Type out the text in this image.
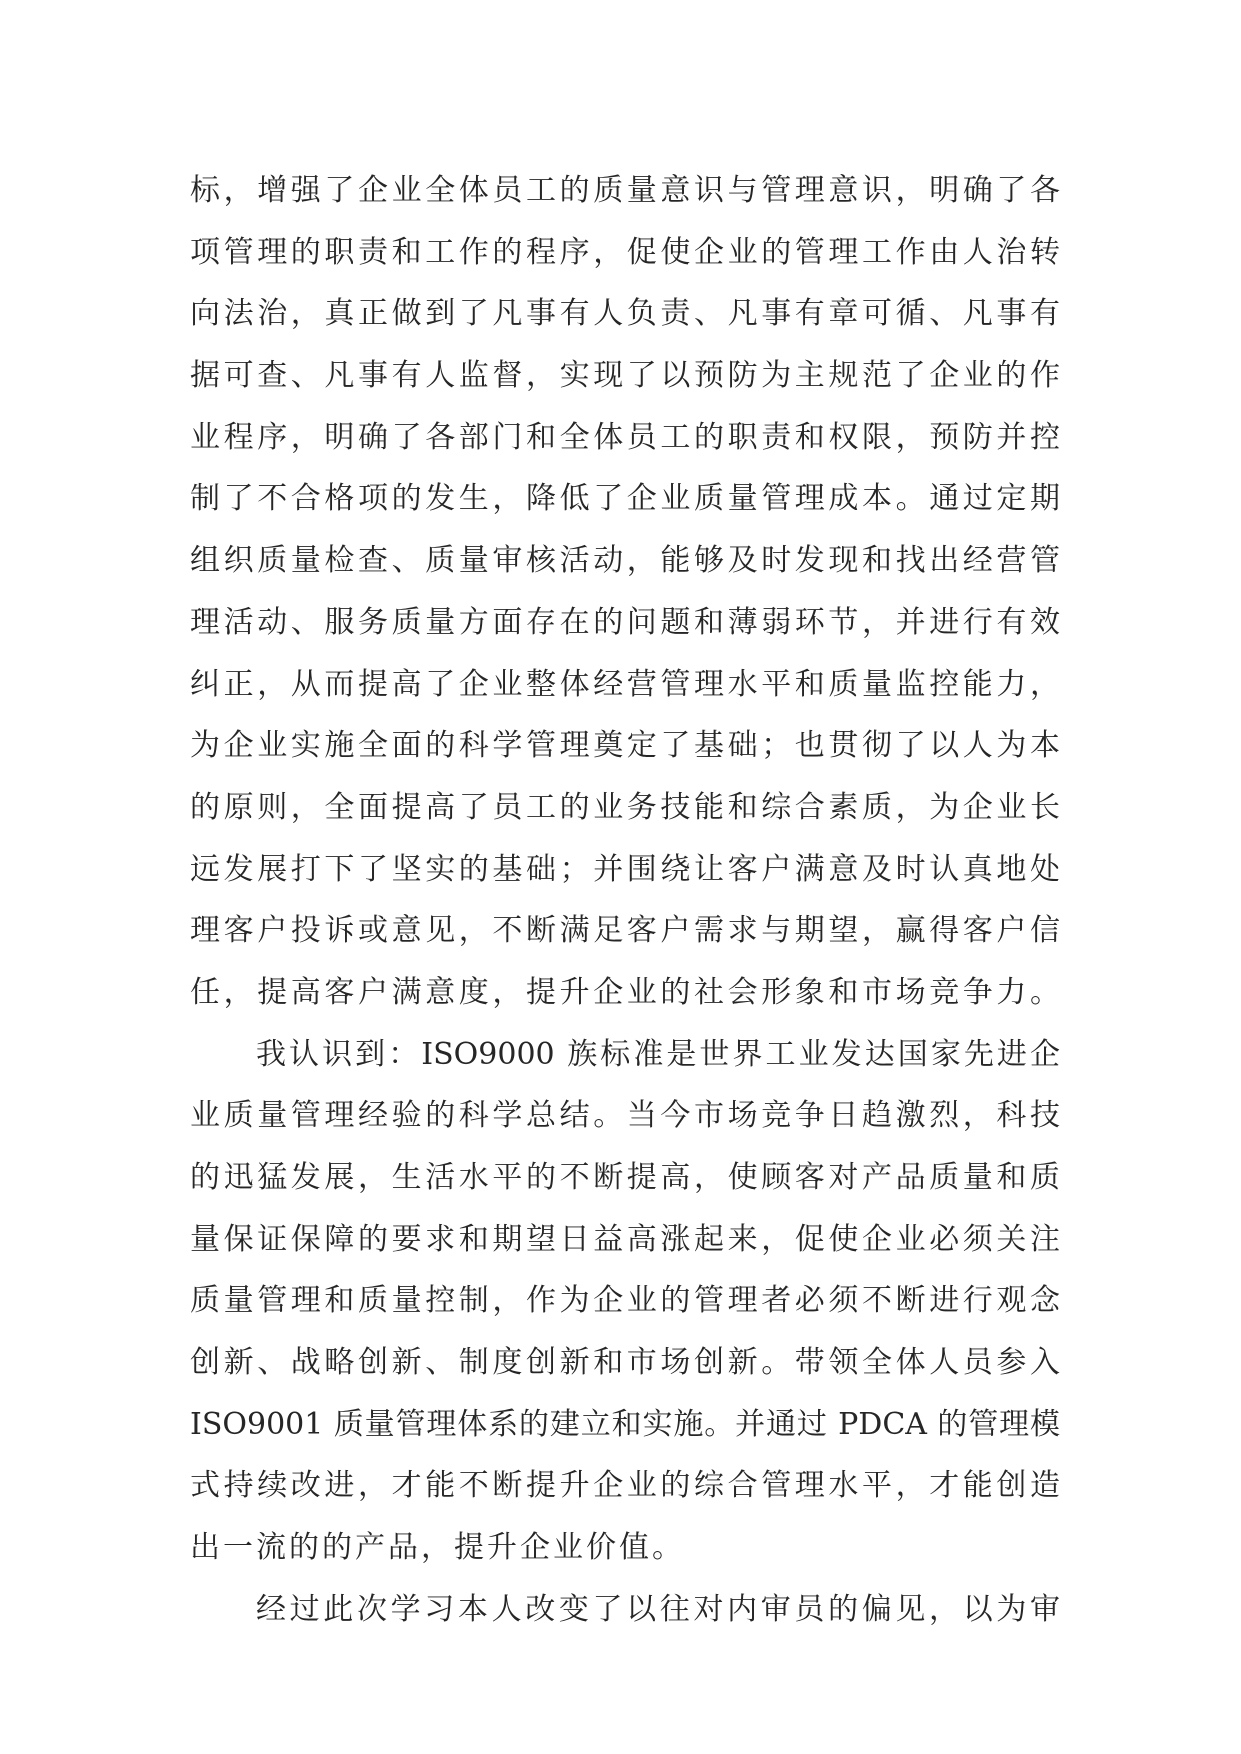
标，增强了企业全体员工的质量意识与管理意识，明确了各
项管理的职责和工作的程序，促使企业的管理工作由人治转
向法治，真正做到了凡事有人负责、凡事有章可循、凡事有
据可查、凡事有人监督，实现了以预防为主规范了企业的作
业程序，明确了各部门和全体员工的职责和权限，预防并控
制了不合格项的发生，降低了企业质量管理成本。通过定期
组织质量检查、质量审核活动，能够及时发现和找出经营管
理活动、服务质量方面存在的问题和薄弱环节，并进行有效
纠正，从而提高了企业整体经营管理水平和质量监控能力，
为企业实施全面的科学管理奠定了基础；也贯彻了以人为本
的原则，全面提高了员工的业务技能和综合素质，为企业长
远发展打下了坚实的基础；并围绕让客户满意及时认真地处
理客户投诉或意见，不断满足客户需求与期望，赢得客户信
任，提高客户满意度，提升企业的社会形象和市场竞争力。
我认识到：ISO9000 族标准是世界工业发达国家先进企
业质量管理经验的科学总结。当今市场竞争日趋激烈，科技
的迅猛发展，生活水平的不断提高，使顾客对产品质量和质
量保证保障的要求和期望日益高涨起来，促使企业必须关注
质量管理和质量控制，作为企业的管理者必须不断进行观念
创新、战略创新、制度创新和市场创新。带领全体人员参入
ISO9001 质量管理体系的建立和实施。并通过 PDCA 的管理模
式持续改进，才能不断提升企业的综合管理水平，才能创造
出一流的的产品，提升企业价值。
经过此次学习本人改变了以往对内审员的偏见，以为审
